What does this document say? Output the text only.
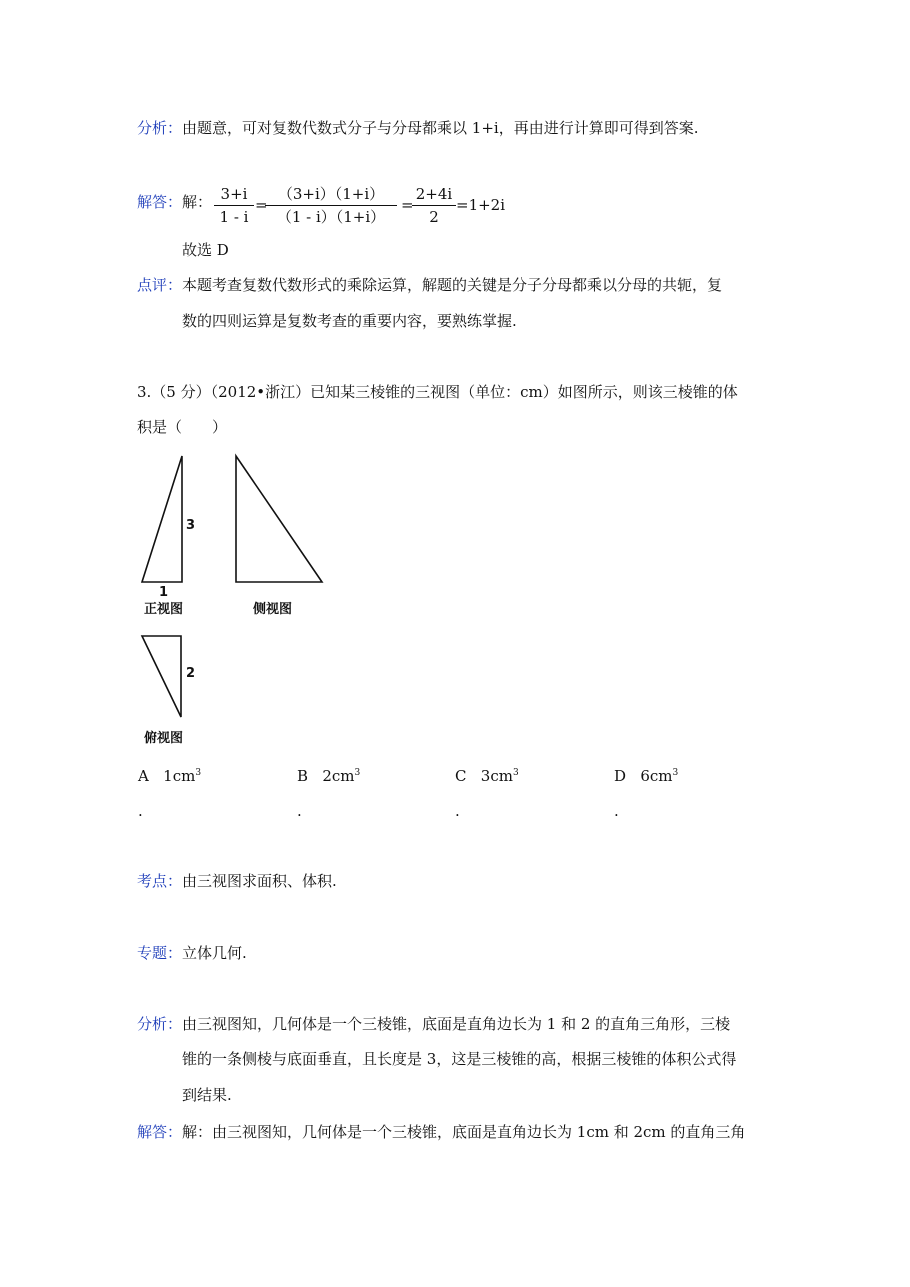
分析：由题意，可对复数代数式分子与分母都乘以 1+i，再由进行计算即可得到答案.
解答：解： 3+i
1 - i
=
（3+i）（1+i）
（1 - i）（1+i）
=
2+4i
2
=1+2i
故选 D
点评：本题考查复数代数形式的乘除运算，解题的关键是分子分母都乘以分母的共轭，复
数的四则运算是复数考查的重要内容，要熟练掌握.
3.（5 分）（2012•浙江）已知某三棱锥的三视图（单位：cm）如图所示，则该三棱锥的体
积是（　　）
3
1
正视图	侧视图
2
俯视图
A $1cm^3$	B $2cm^3$	C $3cm^3$	D $6cm^3$
.	.	.	.
考点：由三视图求面积、体积.
专题：立体几何.
分析：由三视图知，几何体是一个三棱锥，底面是直角边长为 1 和 2 的直角三角形，三棱
锥的一条侧棱与底面垂直，且长度是 3，这是三棱锥的高，根据三棱锥的体积公式得
到结果.
解答：解：由三视图知，几何体是一个三棱锥，底面是直角边长为 1cm 和 2cm 的直角三角
